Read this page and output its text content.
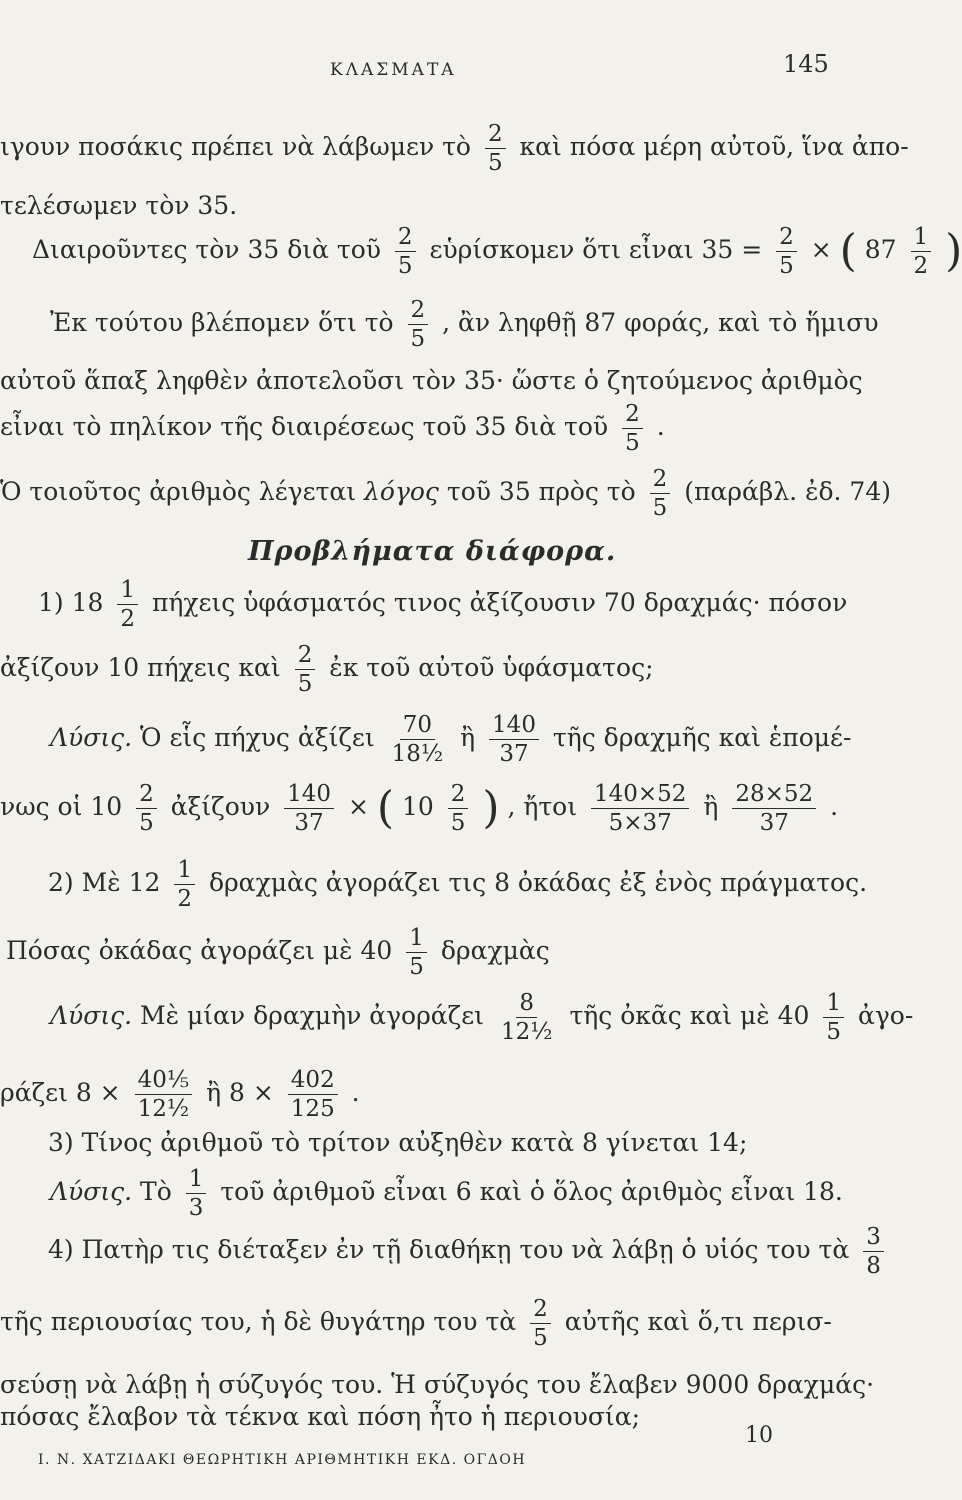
ΚΛΑΣΜΑΤΑ	145
ιγουν ποσάκις πρέπει νὰ λάβωμεν τὸ $\frac{2}{5}$ καὶ πόσα μέρη αὐτοῦ, ἵνα ἀπο-
τελέσωμεν τὸν 35.
Διαιροῦντες τὸν 35 διὰ τοῦ $\frac{2}{5}$ εὑρίσκομεν ὅτι εἶναι $35 = \frac{2}{5}$ × ( $87 \frac{1}{2}$ )
Ἐκ τούτου βλέπομεν ὅτι τὸ $\frac{2}{5}$ , ἂν ληφθῇ 87 φοράς, καὶ τὸ ἥμισυ
αὐτοῦ ἅπαξ ληφθὲν ἀποτελοῦσι τὸν 35· ὥστε ὁ ζητούμενος ἀριθμὸς
εἶναι τὸ πηλίκον τῆς διαιρέσεως τοῦ 35 διὰ τοῦ $\frac{2}{5}$ .
Ὁ τοιοῦτος ἀριθμὸς λέγεται λόγος τοῦ 35 πρὸς τὸ $\frac{2}{5} (\pi\alpha\rho ά\beta\lambda$. ἐδ. 74)
Προβλήματα διάφορα.
1) $18 \frac{1}{2}$ πήχεις ὑφάσματός τινος ἀξίζουσιν 70 δραχμάς· πόσον
ἀξίζουν 10 πήχεις καὶ $\frac{2}{5}$ ἐκ τοῦ αὐτοῦ ὑφάσματος;
Λύσις. Ὁ εἷς πήχυς ἀξίζει $\frac{70}{\text{18½}}$ ἢ $\frac{140}{37}$ τῆς δραχμῆς καὶ ἑπομέ-
νως οἱ $10 \frac{2}{5}$ ἀξίζουν $\frac{140}{37}$ × ( $10 \frac{2}{5}$ ) , ἤτοι $\frac{140\times 52}{5\times 37}$ ἢ $\frac{28\times 52}{37}$ .
2) Μὲ $12 \frac{1}{2}$ δραχμὰς ἀγοράζει τις 8 ὀκάδας ἐξ ἑνὸς πράγματος.
Πόσας ὀκάδας ἀγοράζει μὲ $40 \frac{1}{5}$ δραχμὰς
Λύσις. Μὲ μίαν δραχμὴν ἀγοράζει $\frac{8}{\text{12½}}$ τῆς ὀκᾶς καὶ μὲ $40 \frac{1}{5}$ ἀγο-
ράζει $8 \times \frac{\text{40⅕}}{\text{12½}}$ ἢ $8 \times \frac{402}{125}$ .
3) Τίνος ἀριθμοῦ τὸ τρίτον αὐξηθὲν κατὰ 8 γίνεται 14;
Λύσις. Τὸ $\frac{1}{3}$ τοῦ ἀριθμοῦ εἶναι 6 καὶ ὁ ὅλος ἀριθμὸς εἶναι 18.
4) Πατὴρ τις διέταξεν ἐν τῇ διαθήκῃ του νὰ λάβῃ ὁ υἱός του τὰ $\frac{3}{8}$
τῆς περιουσίας του, ἡ δὲ θυγάτηρ του τὰ $\frac{2}{5}$ αὐτῆς καὶ ὅ,τι περισ-
σεύσῃ νὰ λάβῃ ἡ σύζυγός του. Ἡ σύζυγός του ἔλαβεν 9000 δραχμάς·
πόσας ἔλαβον τὰ τέκνα καὶ πόση ἦτο ἡ περιουσία;
Ι. Ν. ΧΑΤΖΙΔΑΚΙ ΘΕΩΡΗΤΙΚΗ ΑΡΙΘΜΗΤΙΚΗ ΕΚΔ. ΟΓΔΟΗ
10
